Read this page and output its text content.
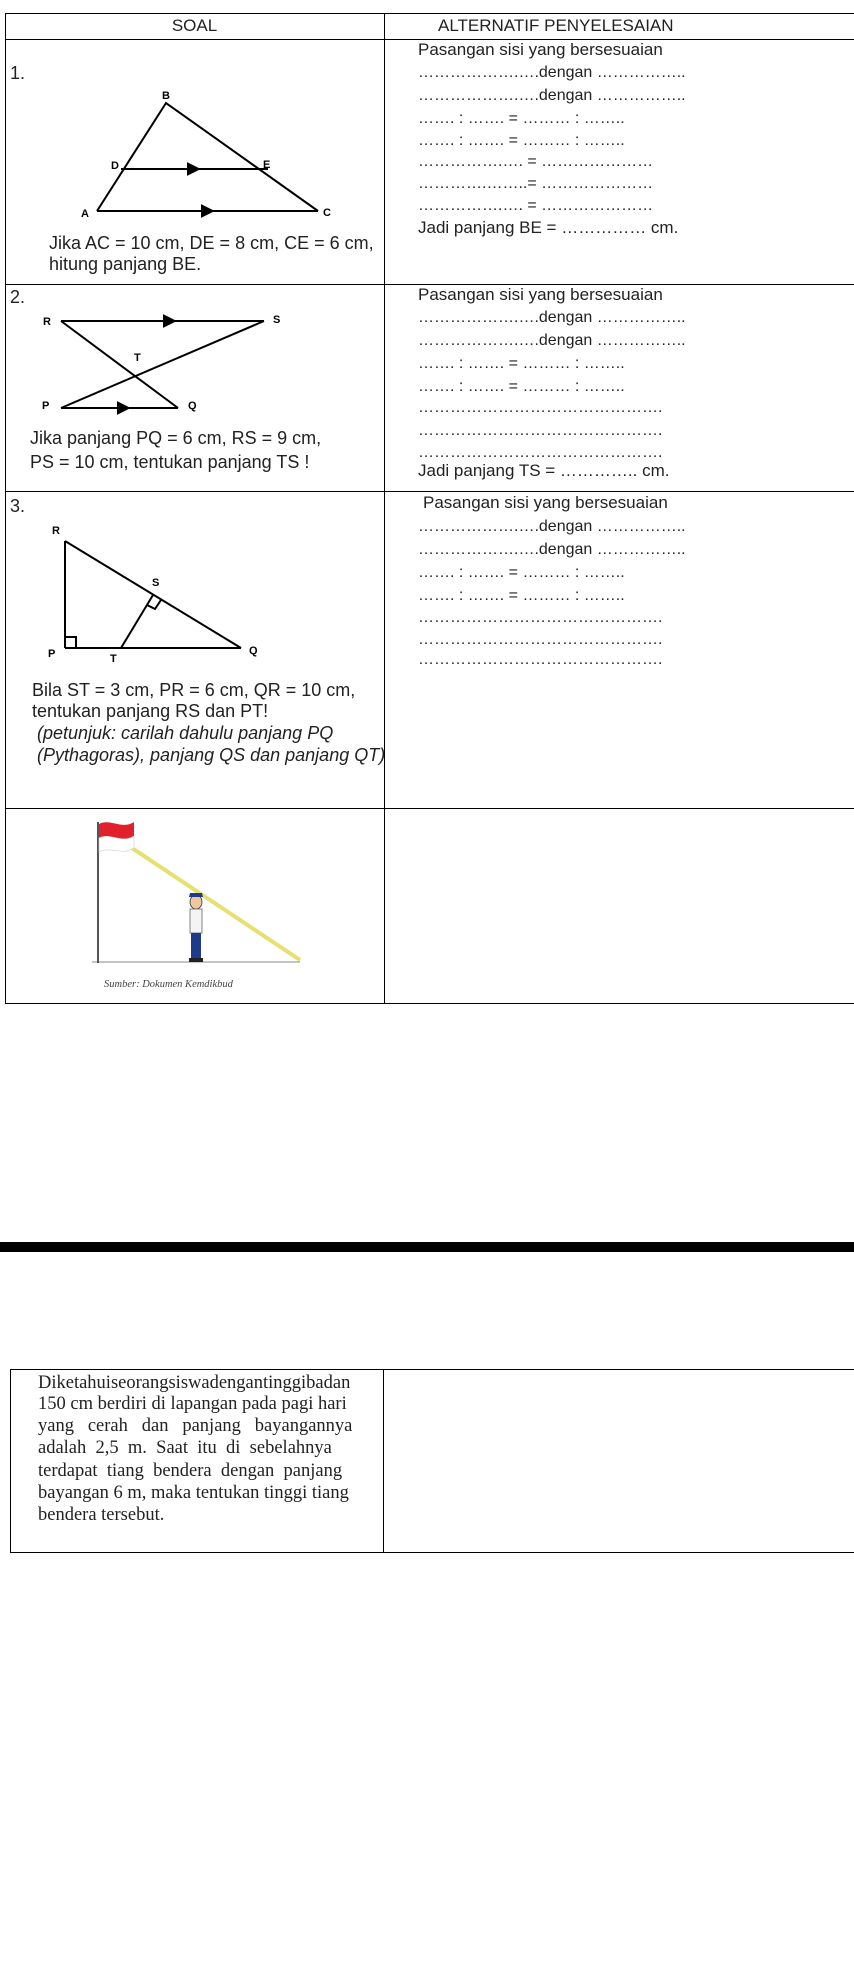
SOAL	ALTERNATIF PENYELESAIAN
1.
B
D	E
A	C
Jika AC = 10 cm, DE = 8 cm, CE = 6 cm,
hitung panjang BE.
Pasangan sisi yang bersesuaian
……………….….dengan ……………..
……………….….dengan ……………..
……. : ……. = ……… : ……..
……. : ……. = ……… : ……..
…………….…. = …………………
………….……..= …………………
…………….…. = …………………
Jadi panjang BE = …………… cm.
2.
R	S
T
P	Q
Jika panjang PQ = 6 cm, RS = 9 cm,
PS = 10 cm, tentukan panjang TS !
Pasangan sisi yang bersesuaian
……………….….dengan ……………..
……………….….dengan ……………..
……. : ……. = ……… : ……..
……. : ……. = ……… : ……..
……………………………………….
……………………………………….
……………………………………….
Jadi panjang TS = ………….. cm.
3.
R
S
P	T
Q
Bila ST = 3 cm, PR = 6 cm, QR = 10 cm,
tentukan panjang RS dan PT!
(petunjuk: carilah dahulu panjang PQ
(Pythagoras), panjang QS dan panjang QT)
Pasangan sisi yang bersesuaian
……………….….dengan ……………..
……………….….dengan ……………..
……. : ……. = ……… : ……..
……. : ……. = ……… : ……..
……………………………………….
……………………………………….
……………………………………….
Sumber: Dokumen Kemdikbud
Diketahuiseorangsiswadengantinggibadan
150 cm berdiri di lapangan pada pagi hari
yang   cerah   dan   panjang   bayangannya
adalah  2,5  m.  Saat  itu  di  sebelahnya
terdapat  tiang  bendera  dengan  panjang
bayangan 6 m, maka tentukan tinggi tiang
bendera tersebut.
